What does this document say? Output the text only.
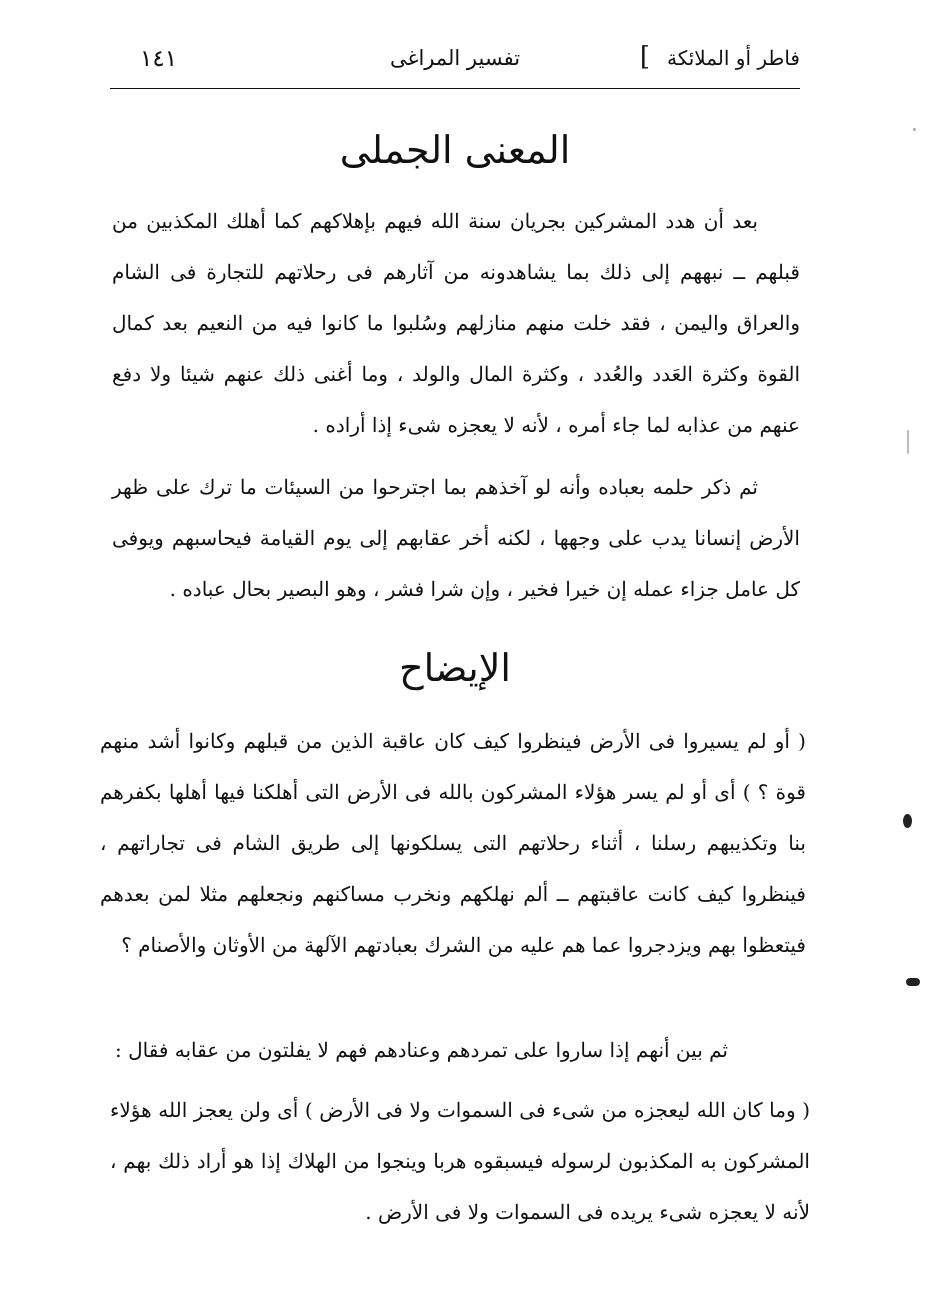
فاطر أو الملائكة
]
تفسير المراغى
١٤١
المعنى الجملى

بعد أن هدد المشركين بجريان سنة الله فيهم بإهلاكهم كما أهلك المكذبين من قبلهم ــ نبههم إلى ذلك بما يشاهدونه من آثارهم فى رحلاتهم للتجارة فى الشام والعراق واليمن ، فقد خلت منهم منازلهم وسُلبوا ما كانوا فيه من النعيم بعد كمال القوة وكثرة العَدد والعُدد ، وكثرة المال والولد ، وما أغنى ذلك عنهم شيئا ولا دفع عنهم من عذابه لما جاء أمره ، لأنه لا يعجزه شىء إذا أراده .

ثم ذكر حلمه بعباده وأنه لو آخذهم بما اجترحوا من السيئات ما ترك على ظهر الأرض إنسانا يدب على وجهها ، لكنه أخر عقابهم إلى يوم القيامة فيحاسبهم ويوفى كل عامل جزاء عمله إن خيرا فخير ، وإن شرا فشر ، وهو البصير بحال عباده .

الإيضاح

( أو لم يسيروا فى الأرض فينظروا كيف كان عاقبة الذين من قبلهم وكانوا أشد منهم قوة ؟ ) أى أو لم يسر هؤلاء المشركون بالله فى الأرض التى أهلكنا فيها أهلها بكفرهم بنا وتكذيبهم رسلنا ، أثناء رحلاتهم التى يسلكونها إلى طريق الشام فى تجاراتهم ، فينظروا كيف كانت عاقبتهم ــ ألم نهلكهم ونخرب مساكنهم ونجعلهم مثلا لمن بعدهم فيتعظوا بهم ويزدجروا عما هم عليه من الشرك بعبادتهم الآلهة من الأوثان والأصنام ؟

ثم بين أنهم إذا ساروا على تمردهم وعنادهم فهم لا يفلتون من عقابه فقال :

( وما كان الله ليعجزه من شىء فى السموات ولا فى الأرض ) أى ولن يعجز الله هؤلاء المشركون به المكذبون لرسوله فيسبقوه هربا وينجوا من الهلاك إذا هو أراد ذلك بهم ، لأنه لا يعجزه شىء يريده فى السموات ولا فى الأرض .
